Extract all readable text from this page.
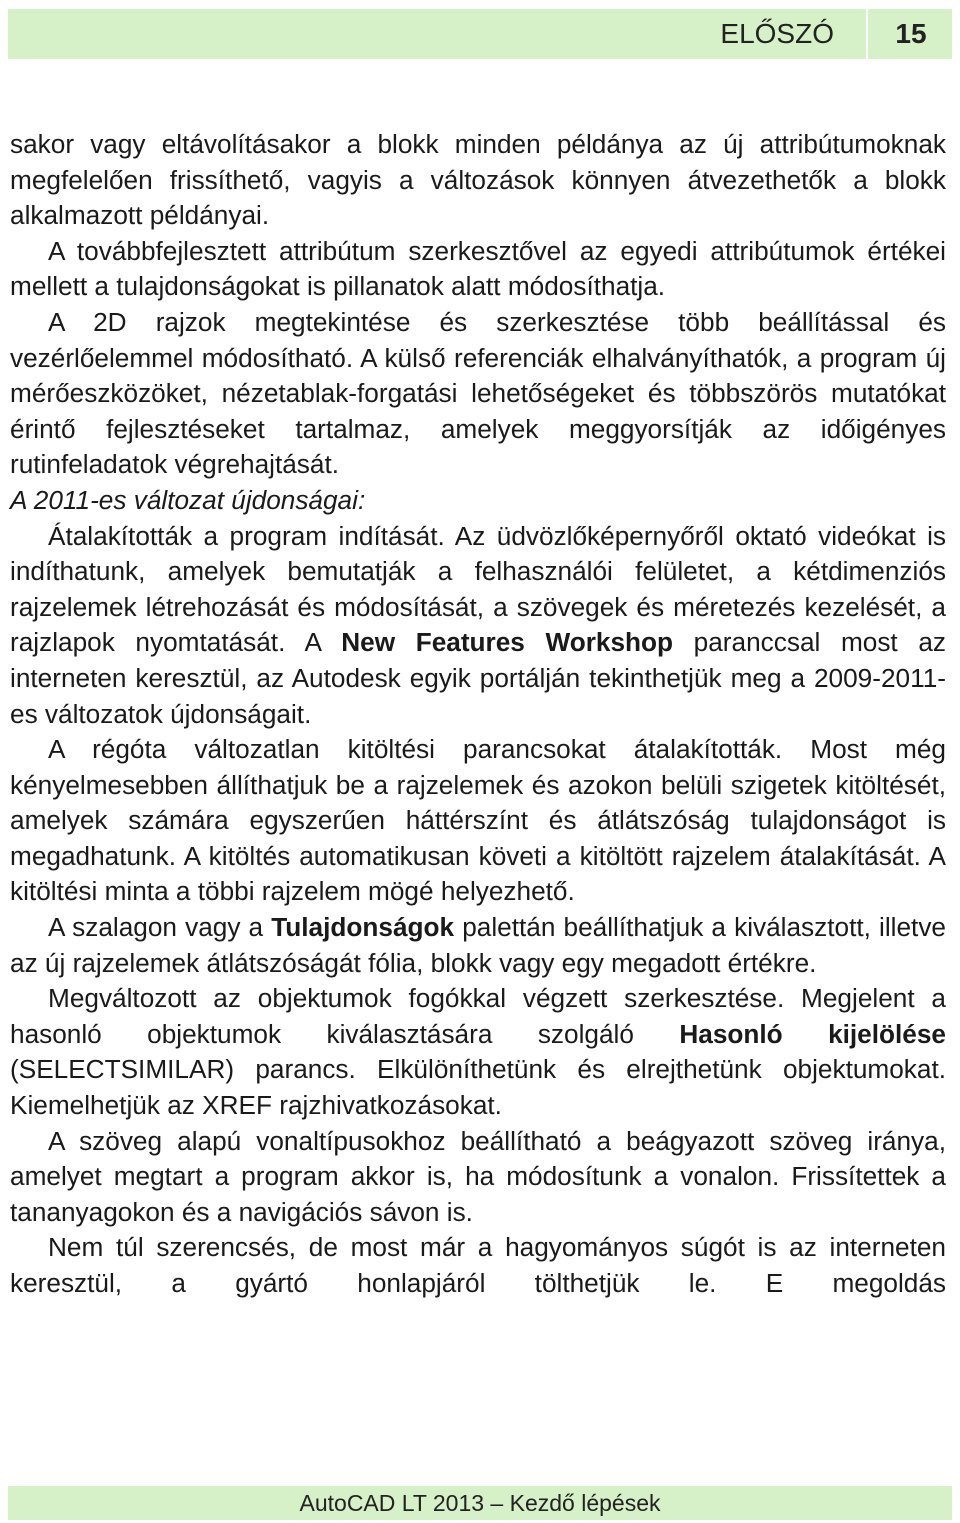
ELŐSZÓ	15

sakor vagy eltávolításakor a blokk minden példánya az új attribútumoknak megfelelően frissíthető, vagyis a változások könnyen átvezethetők a blokk alkalmazott példányai.

A továbbfejlesztett attribútum szerkesztővel az egyedi attribútumok értékei mellett a tulajdonságokat is pillanatok alatt módosíthatja.

A 2D rajzok megtekintése és szerkesztése több beállítással és vezérlőelemmel módosítható. A külső referenciák elhalványíthatók, a program új mérőeszközöket, nézetablak-forgatási lehetőségeket és többszörös mutatókat érintő fejlesztéseket tartalmaz, amelyek meggyorsítják az időigényes rutinfeladatok végrehajtását.

A 2011-es változat újdonságai:

Átalakították a program indítását. Az üdvözlőképernyőről oktató videókat is indíthatunk, amelyek bemutatják a felhasználói felületet, a kétdimenziós rajzelemek létrehozását és módosítását, a szövegek és méretezés kezelését, a rajzlapok nyomtatását. A New Features Workshop paranccsal most az interneten keresztül, az Autodesk egyik portálján tekinthetjük meg a 2009-2011-es változatok újdonságait.

A régóta változatlan kitöltési parancsokat átalakították. Most még kényelmesebben állíthatjuk be a rajzelemek és azokon belüli szigetek kitöltését, amelyek számára egyszerűen háttérszínt és átlátszóság tulajdonságot is megadhatunk. A kitöltés automatikusan követi a kitöltött rajzelem átalakítását. A kitöltési minta a többi rajzelem mögé helyezhető.

A szalagon vagy a Tulajdonságok palettán beállíthatjuk a kiválasztott, illetve az új rajzelemek átlátszóságát fólia, blokk vagy egy megadott értékre.

Megváltozott az objektumok fogókkal végzett szerkesztése. Megjelent a hasonló objektumok kiválasztására szolgáló Hasonló kijelölése (SELECTSIMILAR) parancs. Elkülöníthetünk és elrejthetünk objektumokat. Kiemelhetjük az XREF rajzhivatkozásokat.

A szöveg alapú vonaltípusokhoz beállítható a beágyazott szöveg iránya, amelyet megtart a program akkor is, ha módosítunk a vonalon. Frissítettek a tananyagokon és a navigációs sávon is.

Nem túl szerencsés, de most már a hagyományos súgót is az interneten keresztül, a gyártó honlapjáról tölthetjük le. E megoldás

AutoCAD LT 2013 – Kezdő lépések
